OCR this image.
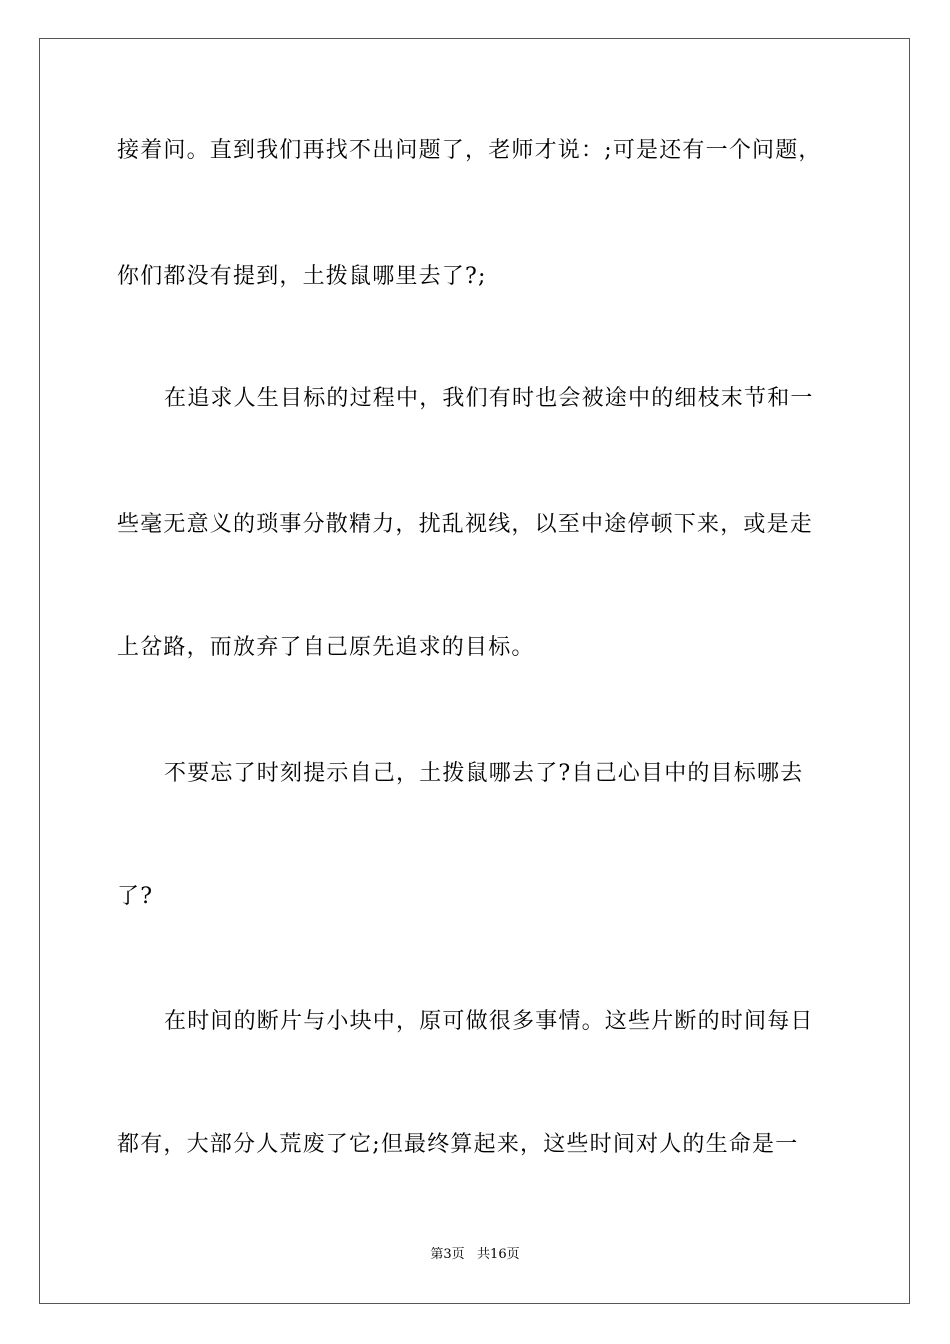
接着问。直到我们再找不出问题了，老师才说：;可是还有一个问题，
你们都没有提到，土拨鼠哪里去了?;
在追求人生目标的过程中，我们有时也会被途中的细枝末节和一
些毫无意义的琐事分散精力，扰乱视线，以至中途停顿下来，或是走
上岔路，而放弃了自己原先追求的目标。
不要忘了时刻提示自己，土拨鼠哪去了?自己心目中的目标哪去
了?
在时间的断片与小块中，原可做很多事情。这些片断的时间每日
都有，大部分人荒废了它;但最终算起来，这些时间对人的生命是一
第3页   共16页
